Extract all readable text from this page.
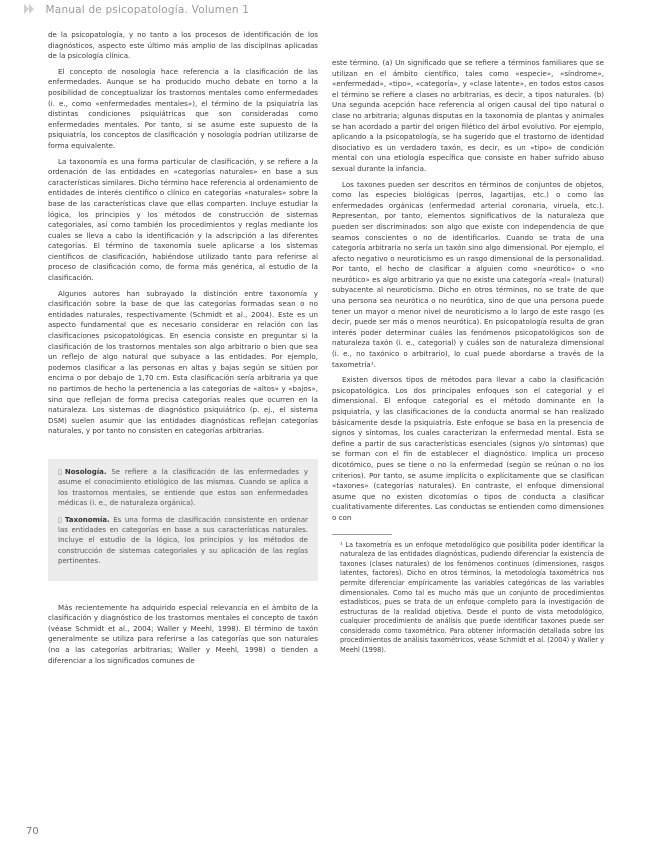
Manual de psicopatología. Volumen 1

de la psicopatología, y no tanto a los procesos de identificación de los diagnósticos, aspecto este último más amplio de las disciplinas aplicadas de la psicología clínica.

El concepto de nosología hace referencia a la clasificación de las enfermedades. Aunque se ha producido mucho debate en torno a la posibilidad de conceptualizar los trastornos mentales como enfermedades (i. e., como «enfermedades mentales»), el término de la psiquiatría las distintas condiciones psiquiátricas que son consideradas como enfermedades mentales. Por tanto, si se asume este supuesto de la psiquiatría, los conceptos de clasificación y nosología podrían utilizarse de forma equivalente.

La taxonomía es una forma particular de clasificación, y se refiere a la ordenación de las entidades en «categorías naturales» en base a sus características similares. Dicho término hace referencia al ordenamiento de entidades de interés científico o clínico en categorías «naturales» sobre la base de las características clave que ellas comparten. Incluye estudiar la lógica, los principios y los métodos de construcción de sistemas categoriales, así como también los procedimientos y reglas mediante los cuales se lleva a cabo la identificación y la adscripción a las diferentes categorías. El término de taxonomía suele aplicarse a los sistemas científicos de clasificación, habiéndose utilizado tanto para referirse al proceso de clasificación como, de forma más genérica, al estudio de la clasificación.

Algunos autores han subrayado la distinción entre taxonomía y clasificación sobre la base de que las categorías formadas sean o no entidades naturales, respectivamente (Schmidt et al., 2004). Este es un aspecto fundamental que es necesario considerar en relación con las clasificaciones psicopatológicas. En esencia consiste en preguntar si la clasificación de los trastornos mentales son algo arbitrario o bien que sea un reflejo de algo natural que subyace a las entidades. Por ejemplo, podemos clasificar a las personas en altas y bajas según se sitúen por encima o por debajo de 1,70 cm. Esta clasificación sería arbitraria ya que no partimos de hecho la pertenencia a las categorías de «altos» y «bajos», sino que reflejan de forma precisa categorías reales que ocurren en la naturaleza. Los sistemas de diagnóstico psiquiátrico (p. ej., el sistema DSM) suelen asumir que las entidades diagnósticas reflejan categorías naturales, y por tanto no consisten en categorías arbitrarias.

▯ Nosología. Se refiere a la clasificación de las enfermedades y asume el conocimiento etiológico de las mismas. Cuando se aplica a los trastornos mentales, se entiende que estos son enfermedades médicas (i. e., de naturaleza orgánica).

▯ Taxonomía. Es una forma de clasificación consistente en ordenar las entidades en categorías en base a sus características naturales. Incluye el estudio de la lógica, los principios y los métodos de construcción de sistemas categoriales y su aplicación de las reglas pertinentes.

Más recientemente ha adquirido especial relevancia en el ámbito de la clasificación y diagnóstico de los trastornos mentales el concepto de taxón (véase Schmidt et al., 2004; Waller y Meehl, 1998). El término de taxón generalmente se utiliza para referirse a las categorías que son naturales (no a las categorías arbitrarias; Waller y Meehl, 1998) o tienden a diferenciar a los significados comunes de

este término. (a) Un significado que se refiere a términos familiares que se utilizan en el ámbito científico, tales como «especie», «síndrome», «enfermedad», «tipo», «categoría», y «clase latente», en todos estos casos el término se refiere a clases no arbitrarias, es decir, a tipos naturales. (b) Una segunda acepción hace referencia al origen causal del tipo natural o clase no arbitraria; algunas disputas en la taxonomía de plantas y animales se han acordado a partir del origen filético del árbol evolutivo. Por ejemplo, aplicando a la psicopatología, se ha sugerido que el trastorno de identidad disociativo es un verdadero taxón, es decir, es un «tipo» de condición mental con una etiología específica que consiste en haber sufrido abuso sexual durante la infancia.

Los taxones pueden ser descritos en términos de conjuntos de objetos, como las especies biológicas (perros, lagartijas, etc.) o como las enfermedades orgánicas (enfermedad arterial coronaria, viruela, etc.). Representan, por tanto, elementos significativos de la naturaleza que pueden ser discriminados: son algo que existe con independencia de que seamos conscientes o no de identificarlos. Cuando se trata de una categoría arbitraria no sería un taxón sino algo dimensional. Por ejemplo, el afecto negativo o neuroticismo es un rasgo dimensional de la personalidad. Por tanto, el hecho de clasificar a alguien como «neurótico» o «no neurótico» es algo arbitrario ya que no existe una categoría «real» (natural) subyacente al neuroticismo. Dicho en otros términos, no se trate de que una persona sea neurótica o no neurótica, sino de que una persona puede tener un mayor o menor nivel de neuroticismo a lo largo de este rasgo (es decir, puede ser más o menos neurótica). En psicopatología resulta de gran interés poder determinar cuáles las fenómenos psicopatológicos son de naturaleza taxón (i. e., categorial) y cuáles son de naturaleza dimensional (i. e., no taxónico o arbitrario), lo cual puede abordarse a través de la taxometría¹.

Existen diversos tipos de métodos para llevar a cabo la clasificación psicopatológica. Los dos principales enfoques son el categorial y el dimensional. El enfoque categorial es el método dominante en la psiquiatría, y las clasificaciones de la conducta anormal se han realizado básicamente desde la psiquiatría. Este enfoque se basa en la presencia de signos y síntomas, los cuales caracterizan la enfermedad mental. Esta se define a partir de sus características esenciales (signos y/o síntomas) que se forman con el fin de establecer el diagnóstico. Implica un proceso dicotómico, pues se tiene o no la enfermedad (según se reúnan o no los criterios). Por tanto, se asume implícita o explícitamente que se clasifican «taxones» (categorías naturales). En contraste, el enfoque dimensional asume que no existen dicotomías o tipos de conducta a clasificar cualitativamente diferentes. Las conductas se entienden como dimensiones o con

¹ La taxometría es un enfoque metodológico que posibilita poder identificar la naturaleza de las entidades diagnósticas, pudiendo diferenciar la existencia de taxones (clases naturales) de los fenómenos continuos (dimensiones, rasgos latentes, factores). Dicho en otros términos, la metodología taxométrica nos permite diferenciar empíricamente las variables categóricas de las variables dimensionales. Como tal es mucho más que un conjunto de procedimientos estadísticos, pues se trata de un enfoque completo para la investigación de estructuras de la realidad objetiva. Desde el punto de vista metodológico, cualquier procedimiento de análisis que puede identificar taxones puede ser considerado como taxométrico. Para obtener información detallada sobre los procedimientos de análisis taxométricos, véase Schmidt et al. (2004) y Waller y Meehl (1998).

70
